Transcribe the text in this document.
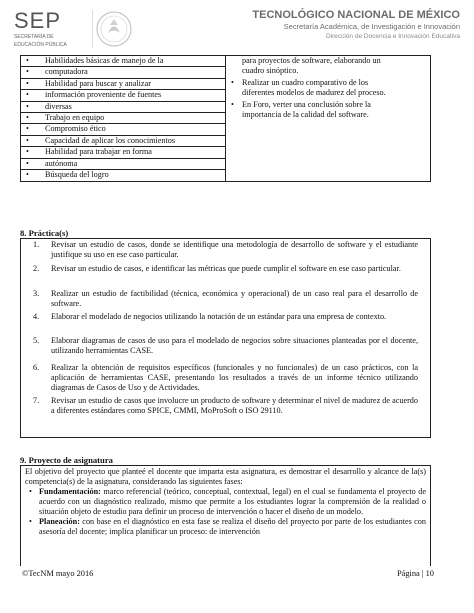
SEP
SECRETARÍA DE
EDUCACIÓN PÚBLICA
TECNOLÓGICO NACIONAL DE MÉXICO
Secretaría Académica, de Investigación e Innovación
Dirección de Docencia e Innovación Educativa
• Habilidades básicas de manejo de la
• computadora
• Habilidad para buscar y analizar
• información proveniente de fuentes
• diversas
• Trabajo en equipo
• Compromiso ético
• Capacidad de aplicar los conocimientos
• Habilidad para trabajar en forma
• autónoma
• Búsqueda del logro
para proyectos de software, elaborando un
cuadro sinóptico.
• Realizar un cuadro comparativo de los
diferentes modelos de madurez del proceso.
• En Foro, verter una conclusión sobre la
importancia de la calidad del software.
8. Práctica(s)
1. Revisar un estudio de casos, donde se identifique una metodología de desarrollo de software y el estudiante justifique su uso en ese caso particular.
2. Revisar un estudio de casos, e identificar las métricas que puede cumplir el software en ese caso particular.
3. Realizar un estudio de factibilidad (técnica, económica y operacional) de un caso real para el desarrollo de software.
4. Elaborar el modelado de negocios utilizando la notación de un estándar para una empresa de contexto.
5. Elaborar diagramas de casos de uso para el modelado de negocios sobre situaciones planteadas por el docente, utilizando herramientas CASE.
6. Realizar la obtención de requisitos específicos (funcionales y no funcionales) de un caso prácticos, con la aplicación de herramientas CASE, presentando los resultados a través de un informe técnico utilizando diagramas de Casos de Uso y de Actividades.
7. Revisar un estudio de casos que involucre un producto de software y determinar el nivel de madurez de acuerdo a diferentes estándares como SPICE, CMMI, MoProSoft o ISO 29110.
9. Proyecto de asignatura
El objetivo del proyecto que planteé el docente que imparta esta asignatura, es demostrar el desarrollo y alcance de la(s) competencia(s) de la asignatura, considerando las siguientes fases:
• Fundamentación: marco referencial (teórico, conceptual, contextual, legal) en el cual se fundamenta el proyecto de acuerdo con un diagnóstico realizado, mismo que permite a los estudiantes lograr la comprensión de la realidad o situación objeto de estudio para definir un proceso de intervención o hacer el diseño de un modelo.
• Planeación: con base en el diagnóstico en esta fase se realiza el diseño del proyecto por parte de los estudiantes con asesoría del docente; implica planificar un proceso: de intervención
©TecNM mayo 2016	Página | 10
